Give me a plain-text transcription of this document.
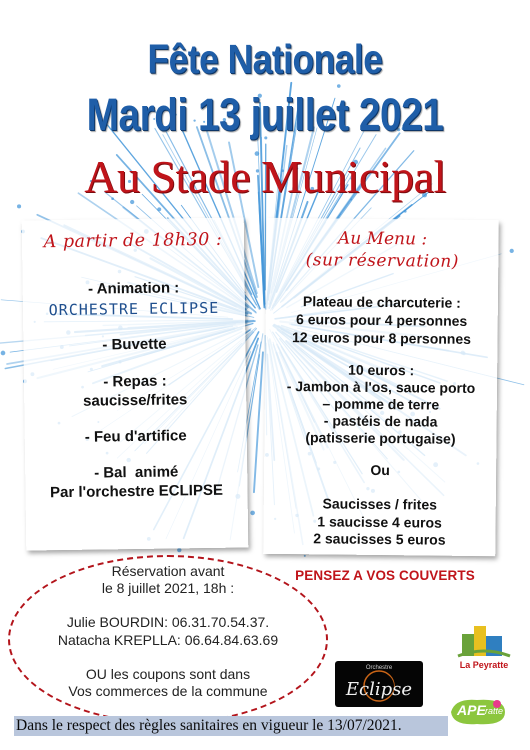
Fête Nationale
Mardi 13 juillet 2021
Au Stade Municipal
A partir de 18h30 :
- Animation :
ORCHESTRE ECLIPSE
- Buvette
- Repas :
saucisse/frites
- Feu d'artifice
- Bal  animé
Par l'orchestre ECLIPSE
Au Menu :
(sur réservation)
Plateau de charcuterie :
6 euros pour 4 personnes
12 euros pour 8 personnes
10 euros :
- Jambon à l'os, sauce porto
– pomme de terre
- pastéis de nada
(patisserie portugaise)
Ou
Saucisses / frites
1 saucisse 4 euros
2 saucisses 5 euros
Réservation avant
le 8 juillet 2021, 18h :
Julie BOURDIN: 06.31.70.54.37.
Natacha KREPLLA: 06.64.84.63.69
OU les coupons sont dans
Vos commerces de la commune
PENSEZ A VOS COUVERTS
Orchestre
Eclipse
La Peyratte
APE ratte
Dans le respect des règles sanitaires en vigueur le 13/07/2021.
